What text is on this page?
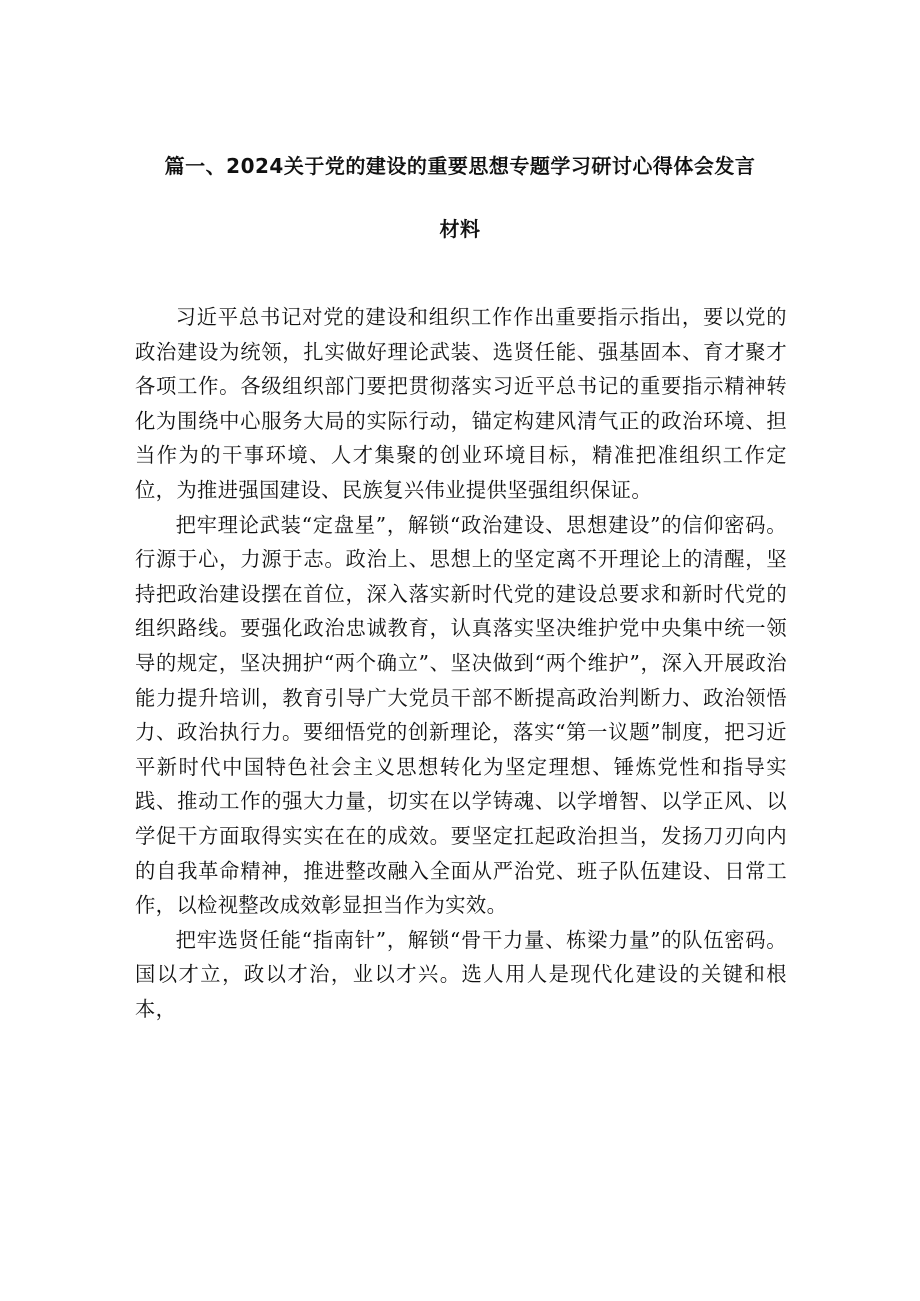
篇一、2024关于党的建设的重要思想专题学习研讨心得体会发言
材料

习近平总书记对党的建设和组织工作作出重要指示指出，要以党的政治建设为统领，扎实做好理论武装、选贤任能、强基固本、育才聚才各项工作。各级组织部门要把贯彻落实习近平总书记的重要指示精神转化为围绕中心服务大局的实际行动，锚定构建风清气正的政治环境、担当作为的干事环境、人才集聚的创业环境目标，精准把准组织工作定位，为推进强国建设、民族复兴伟业提供坚强组织保证。

把牢理论武装“定盘星”，解锁“政治建设、思想建设”的信仰密码。行源于心，力源于志。政治上、思想上的坚定离不开理论上的清醒，坚持把政治建设摆在首位，深入落实新时代党的建设总要求和新时代党的组织路线。要强化政治忠诚教育，认真落实坚决维护党中央集中统一领导的规定，坚决拥护“两个确立”、坚决做到“两个维护”，深入开展政治能力提升培训，教育引导广大党员干部不断提高政治判断力、政治领悟力、政治执行力。要细悟党的创新理论，落实“第一议题”制度，把习近平新时代中国特色社会主义思想转化为坚定理想、锤炼党性和指导实践、推动工作的强大力量，切实在以学铸魂、以学增智、以学正风、以学促干方面取得实实在在的成效。要坚定扛起政治担当，发扬刀刃向内的自我革命精神，推进整改融入全面从严治党、班子队伍建设、日常工作，以检视整改成效彰显担当作为实效。

把牢选贤任能“指南针”，解锁“骨干力量、栋梁力量”的队伍密码。国以才立，政以才治，业以才兴。选人用人是现代化建设的关键和根本，
